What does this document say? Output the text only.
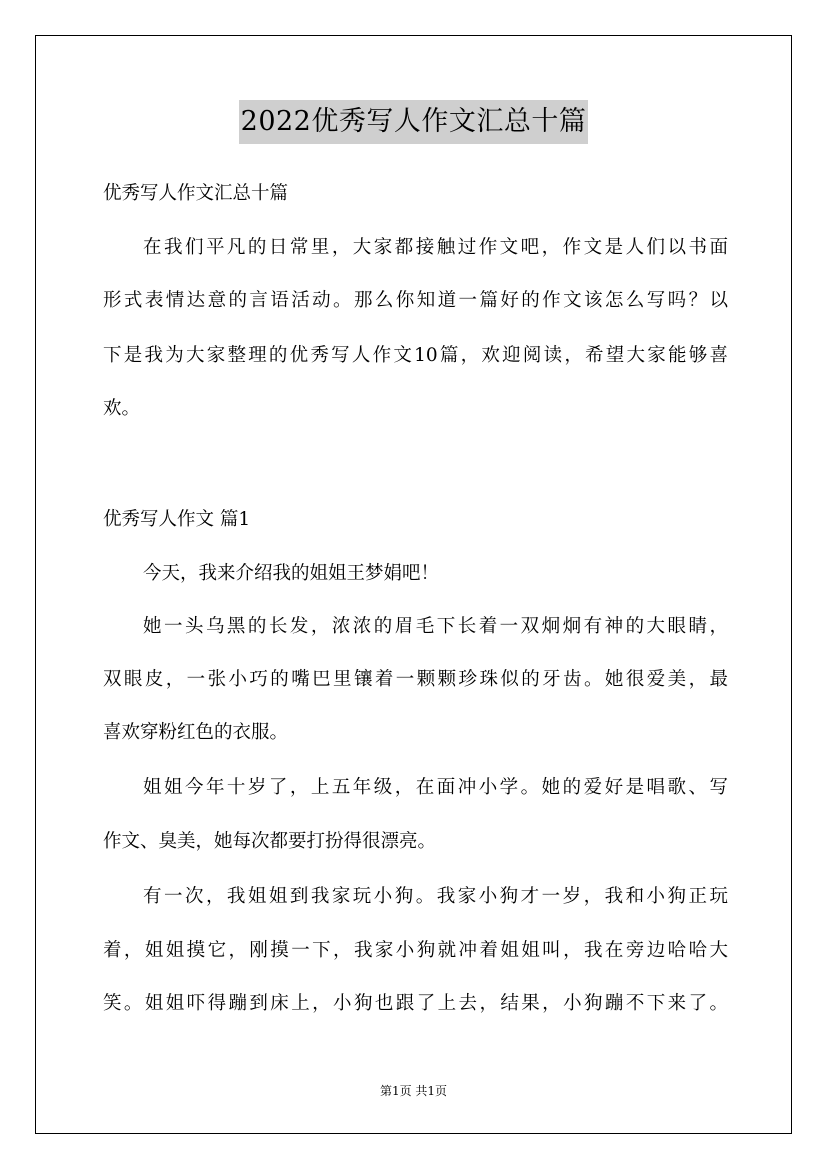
2022优秀写人作文汇总十篇
优秀写人作文汇总十篇
在我们平凡的日常里，大家都接触过作文吧，作文是人们以书面
形式表情达意的言语活动。那么你知道一篇好的作文该怎么写吗？以
下是我为大家整理的优秀写人作文10篇，欢迎阅读，希望大家能够喜
欢。
优秀写人作文 篇1
今天，我来介绍我的姐姐王梦娟吧！
她一头乌黑的长发，浓浓的眉毛下长着一双炯炯有神的大眼睛，
双眼皮，一张小巧的嘴巴里镶着一颗颗珍珠似的牙齿。她很爱美，最
喜欢穿粉红色的衣服。
姐姐今年十岁了，上五年级，在面冲小学。她的爱好是唱歌、写
作文、臭美，她每次都要打扮得很漂亮。
有一次，我姐姐到我家玩小狗。我家小狗才一岁，我和小狗正玩
着，姐姐摸它，刚摸一下，我家小狗就冲着姐姐叫，我在旁边哈哈大
笑。姐姐吓得蹦到床上，小狗也跟了上去，结果，小狗蹦不下来了。
第1页 共1页
